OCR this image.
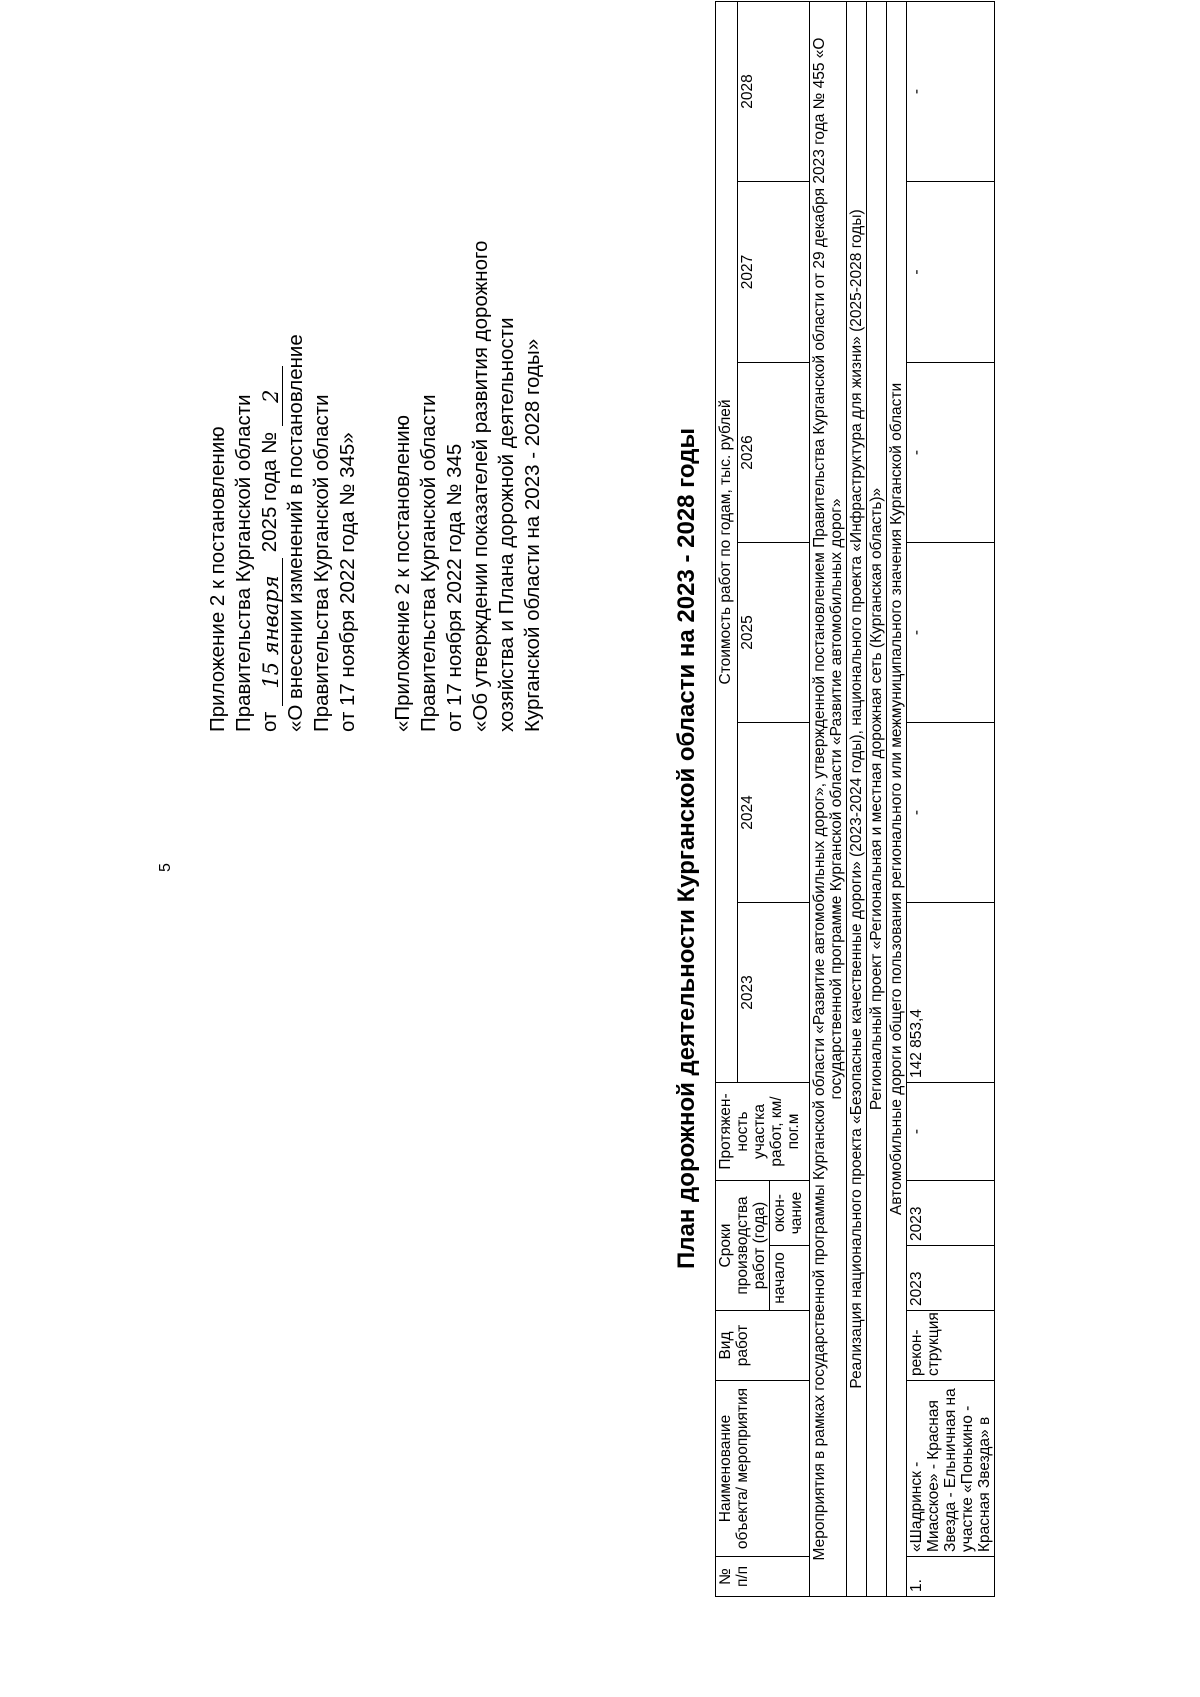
5
Приложение 2 к постановлению Правительства Курганской области от 15 января 2025 года № 2 «О внесении изменений в постановление Правительства Курганской области от 17 ноября 2022 года № 345» «Приложение 2 к постановлению Правительства Курганской области от 17 ноября 2022 года № 345 «Об утверждении показателей развития дорожного хозяйства и Плана дорожной деятельности Курганской области на 2023 - 2028 годы»	План дорожной деятельности Курганской области на 2023 - 2028 годы
№ п/п	Наименование объекта/ мероприятия	Вид работ	Сроки производства работ (года)		Протяжен-ность участка работ, км/ пог.м	Стоимость работ по годам, тыс. рублей					
						2023	2024	2025	2026	2027	2028
			начало	окон-чание							
Мероприятия в рамках государственной программы Курганской области «Развитие автомобильных дорог», утвержденной постановлением Правительства Курганской области от 29 декабря 2023 года № 455 «О государственной программе Курганской области «Развитие автомобильных дорог»											
Реализация национального проекта «Безопасные качественные дороги» (2023-2024 годы), национального проекта «Инфраструктура для жизни» (2025-2028 годы)											
Региональный проект «Региональная и местная дорожная сеть (Курганская область)»											
Автомобильные дороги общего пользования регионального или межмуниципального значения Курганской области											
1.	«Шадринск - Миасское» - Красная Звезда - Ельничная на участке «Понькино - Красная Звезда» в	рекон-струкция	2023	2023	-	142 853,4	-	-	-	-	-
